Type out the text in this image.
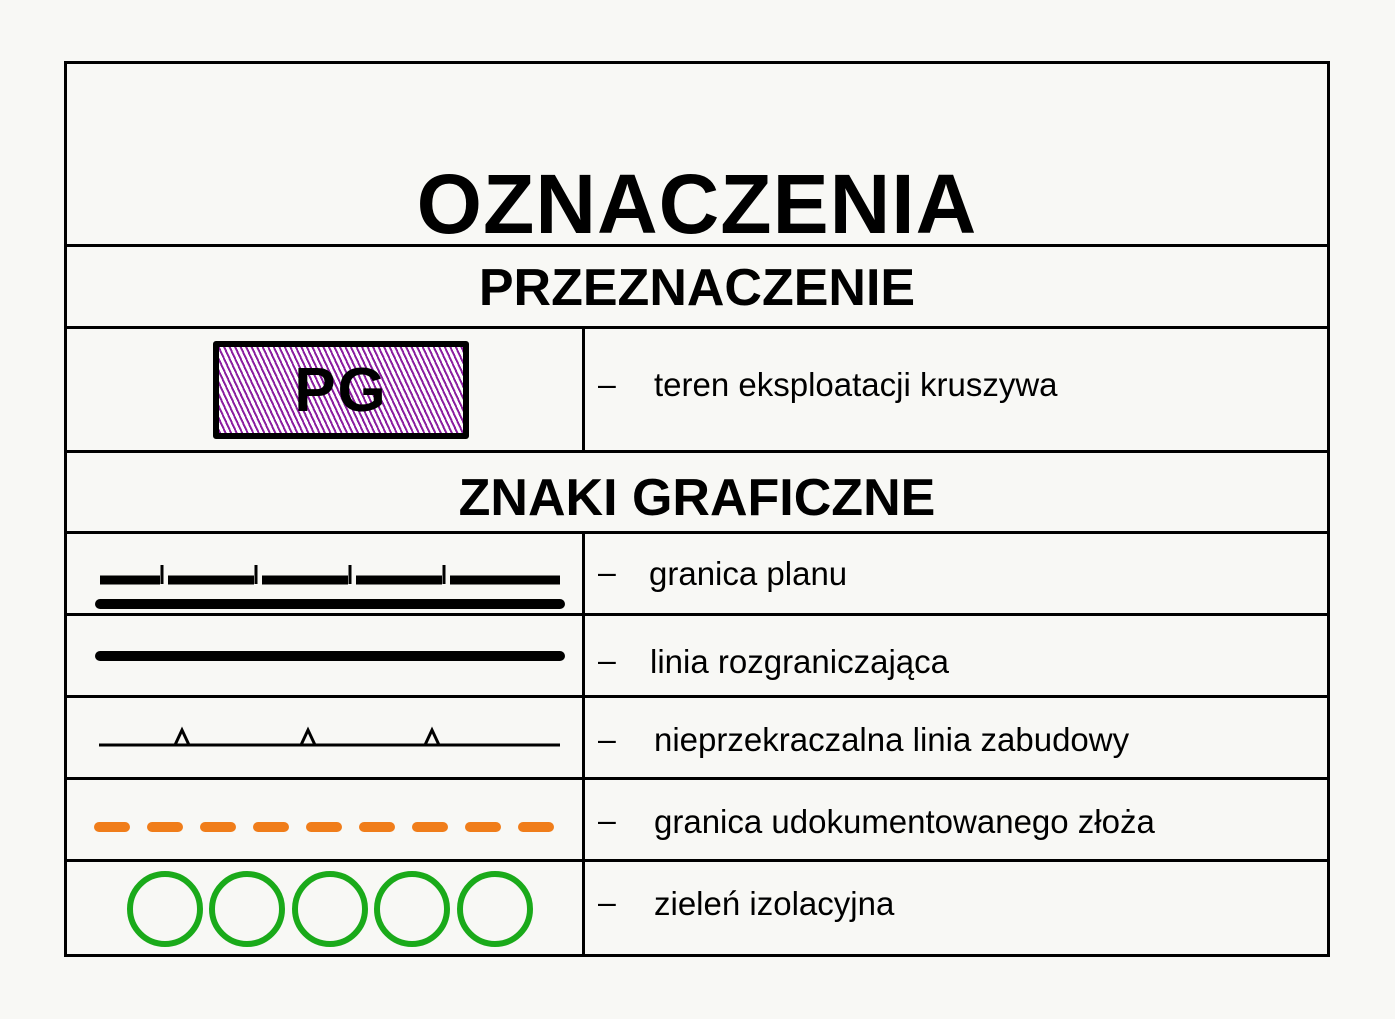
OZNACZENIA
PRZEZNACZENIE
ZNAKI GRAFICZNE
PG	– teren eksploatacji kruszywa
– granica planu
– linia rozgraniczająca
– nieprzekraczalna linia zabudowy
– granica udokumentowanego złoża
– zieleń izolacyjna
